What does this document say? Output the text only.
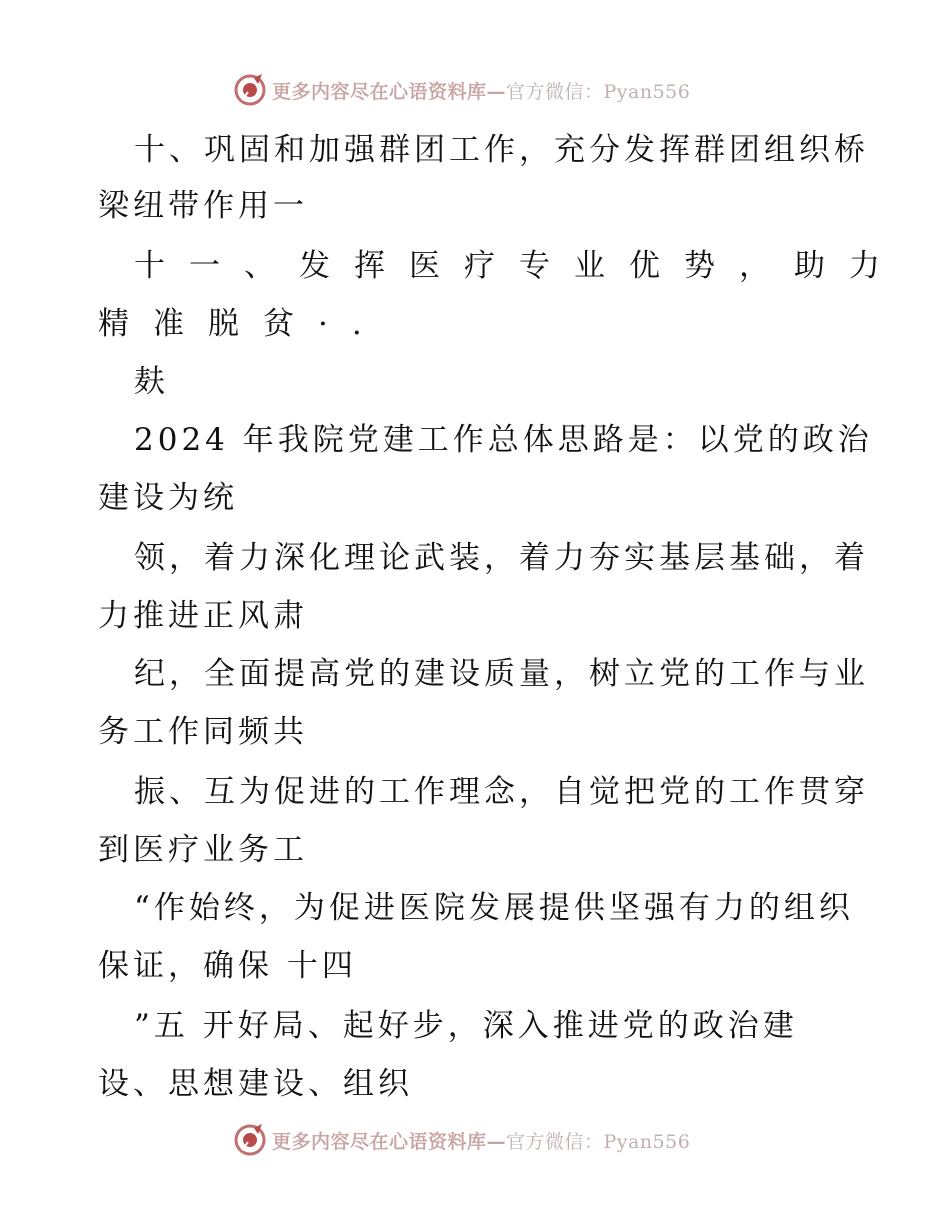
更多内容尽在心语资料库—官方微信：Pyan556
十、巩固和加强群团工作，充分发挥群团组织桥
梁纽带作用一
十一、发挥医疗专业优势，助力
精准脱贫·.
麸
2024 年我院党建工作总体思路是：以党的政治
建设为统
领，着力深化理论武装，着力夯实基层基础，着
力推进正风肃
纪，全面提高党的建设质量，树立党的工作与业
务工作同频共
振、互为促进的工作理念，自觉把党的工作贯穿
到医疗业务工
“作始终，为促进医院发展提供坚强有力的组织
保证，确保 十四
”五 开好局、起好步，深入推进党的政治建
设、思想建设、组织
更多内容尽在心语资料库—官方微信：Pyan556
